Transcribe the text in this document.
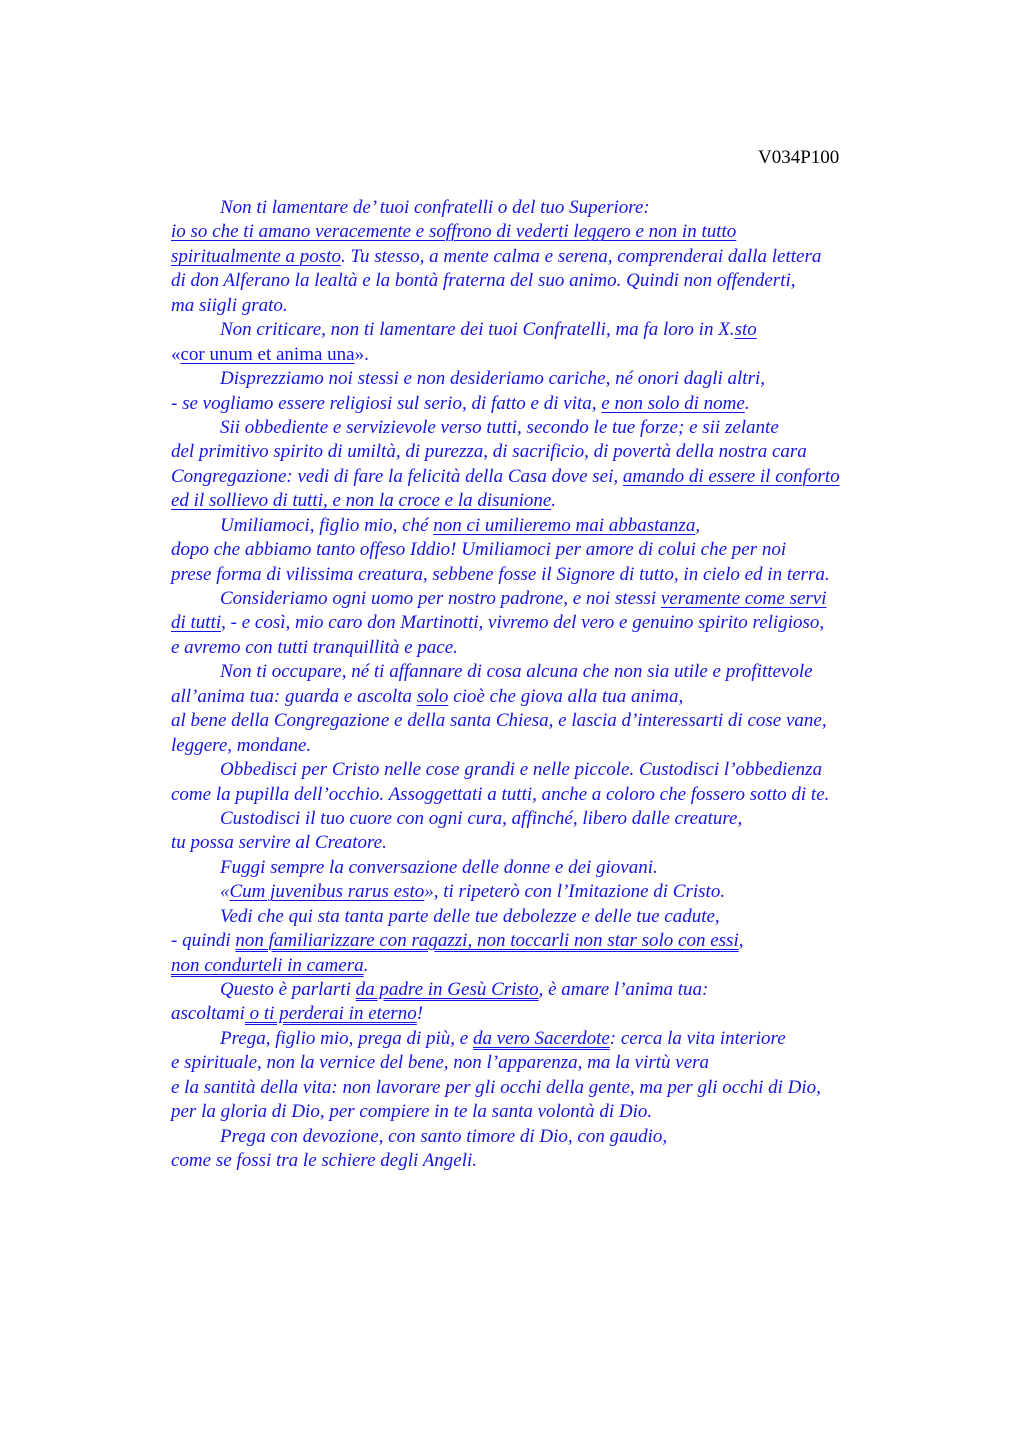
V034P100
Non ti lamentare de’ tuoi confratelli o del tuo Superiore:
io so che ti amano veracemente e soffrono di vederti leggero e non in tutto
spiritualmente a posto. Tu stesso, a mente calma e serena, comprenderai dalla lettera
di don Alferano la lealtà e la bontà fraterna del suo animo. Quindi non offenderti,
ma siigli grato.
Non criticare, non ti lamentare dei tuoi Confratelli, ma fa loro in X.sto
«cor unum et anima una».
Disprezziamo noi stessi e non desideriamo cariche, né onori dagli altri,
- se vogliamo essere religiosi sul serio, di fatto e di vita, e non solo di nome.
Sii obbediente e servizievole verso tutti, secondo le tue forze; e sii zelante
del primitivo spirito di umiltà, di purezza, di sacrificio, di povertà della nostra cara
Congregazione: vedi di fare la felicità della Casa dove sei, amando di essere il conforto
ed il sollievo di tutti, e non la croce e la disunione.
Umiliamoci, figlio mio, ché non ci umilieremo mai abbastanza,
dopo che abbiamo tanto offeso Iddio! Umiliamoci per amore di colui che per noi
prese forma di vilissima creatura, sebbene fosse il Signore di tutto, in cielo ed in terra.
Consideriamo ogni uomo per nostro padrone, e noi stessi veramente come servi
di tutti, - e così, mio caro don Martinotti, vivremo del vero e genuino spirito religioso,
e avremo con tutti tranquillità e pace.
Non ti occupare, né ti affannare di cosa alcuna che non sia utile e profittevole
all’anima tua: guarda e ascolta solo cioè che giova alla tua anima,
al bene della Congregazione e della santa Chiesa, e lascia d’interessarti di cose vane,
leggere, mondane.
Obbedisci per Cristo nelle cose grandi e nelle piccole. Custodisci l’obbedienza
come la pupilla dell’occhio. Assoggettati a tutti, anche a coloro che fossero sotto di te.
Custodisci il tuo cuore con ogni cura, affinché, libero dalle creature,
tu possa servire al Creatore.
Fuggi sempre la conversazione delle donne e dei giovani.
«Cum juvenibus rarus esto», ti ripeterò con l’Imitazione di Cristo.
Vedi che qui sta tanta parte delle tue debolezze e delle tue cadute,
- quindi non familiarizzare con ragazzi, non toccarli non star solo con essi,
non condurteli in camera.
Questo è parlarti da padre in Gesù Cristo, è amare l’anima tua:
ascoltami o ti perderai in eterno!
Prega, figlio mio, prega di più, e da vero Sacerdote: cerca la vita interiore
e spirituale, non la vernice del bene, non l’apparenza, ma la virtù vera
e la santità della vita: non lavorare per gli occhi della gente, ma per gli occhi di Dio,
per la gloria di Dio, per compiere in te la santa volontà di Dio.
Prega con devozione, con santo timore di Dio, con gaudio,
come se fossi tra le schiere degli Angeli.
